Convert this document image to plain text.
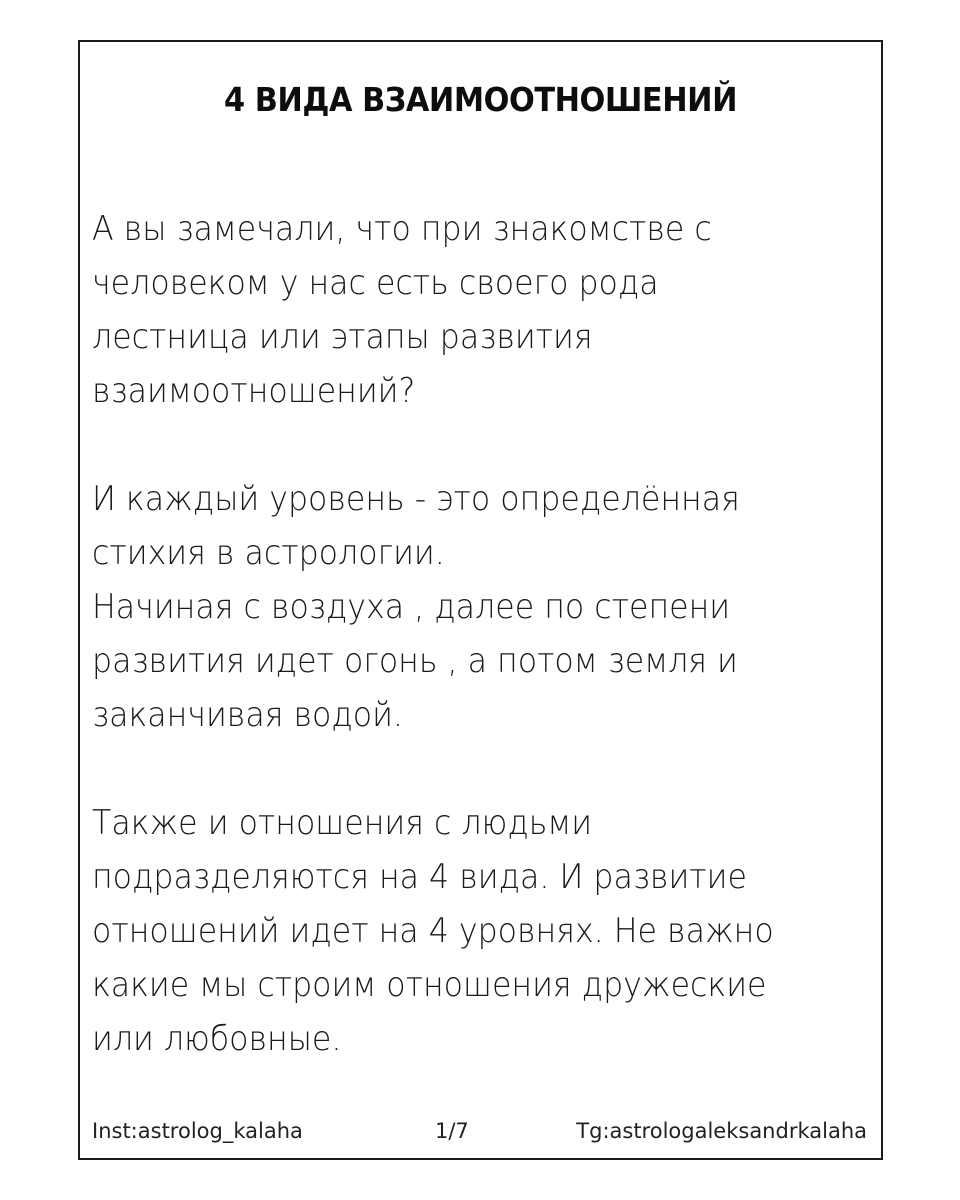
4 ВИДА ВЗАИМООТНОШЕНИЙ

А вы замечали, что при знакомстве с
человеком у нас есть своего рода
лестница или этапы развития
взаимоотношений?

И каждый уровень - это определённая
стихия в астрологии.
Начиная с воздуха , далее по степени
развития идет огонь , а потом земля и
заканчивая водой.

Также и отношения с людьми
подразделяются на 4 вида. И развитие
отношений идет на 4 уровнях. Не важно
какие мы строим отношения дружеские
или любовные.

Inst:astrolog_kalaha	1/7	Tg:astrologaleksandrkalaha
